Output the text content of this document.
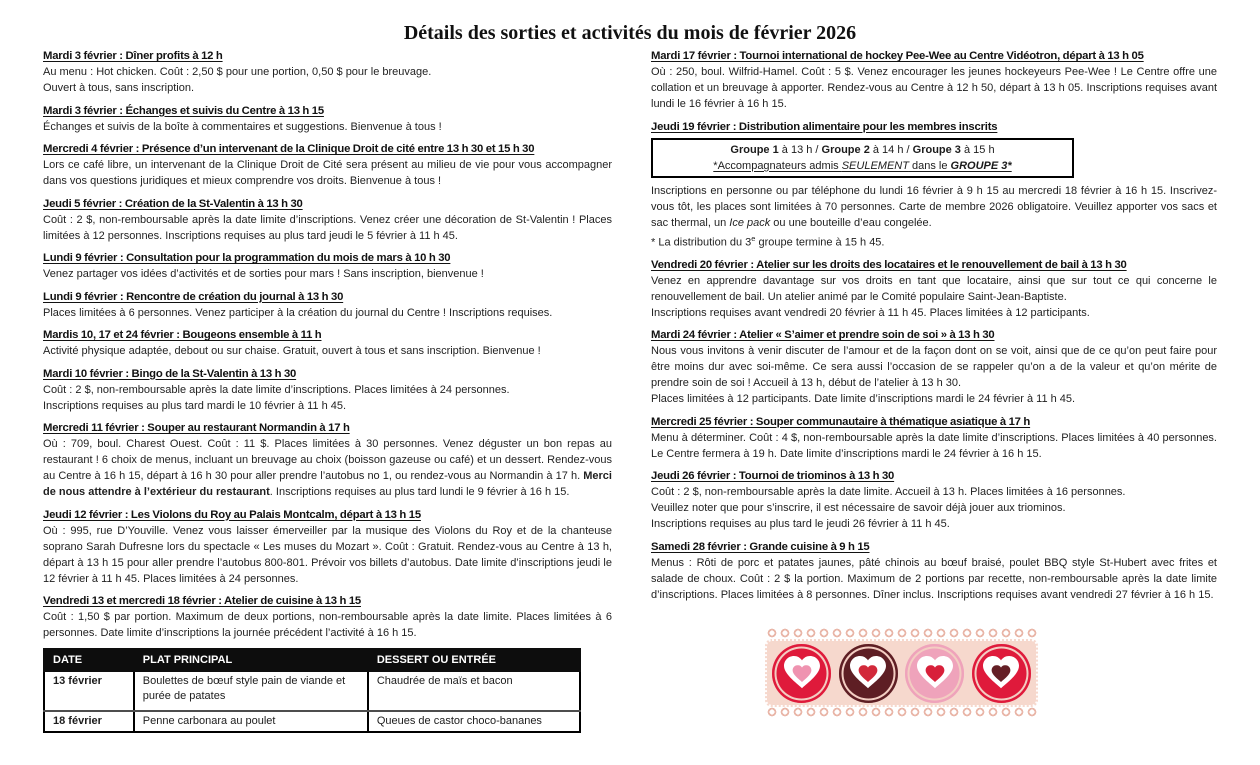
Détails des sorties et activités du mois de février 2026
Mardi 3 février : Dîner profits à 12 h

Au menu : Hot chicken. Coût : 2,50 $ pour une portion, 0,50 $ pour le breuvage.
Ouvert à tous, sans inscription.

Mardi 3 février : Échanges et suivis du Centre à 13 h 15

Échanges et suivis de la boîte à commentaires et suggestions. Bienvenue à tous !

Mercredi 4 février : Présence d’un intervenant de la Clinique Droit de cité entre 13 h 30 et 15 h 30

Lors ce café libre, un intervenant de la Clinique Droit de Cité sera présent au milieu de vie pour vous accompagner dans vos questions juridiques et mieux comprendre vos droits. Bienvenue à tous !

Jeudi 5 février : Création de la St-Valentin à 13 h 30

Coût : 2 $, non-remboursable après la date limite d’inscriptions. Venez créer une décoration de St-Valentin ! Places limitées à 12 personnes. Inscriptions requises au plus tard jeudi le 5 février à 11 h 45.

Lundi 9 février : Consultation pour la programmation du mois de mars à 10 h 30

Venez partager vos idées d’activités et de sorties pour mars ! Sans inscription, bienvenue !

Lundi 9 février : Rencontre de création du journal à 13 h 30

Places limitées à 6 personnes. Venez participer à la création du journal du Centre ! Inscriptions requises.

Mardis 10, 17 et 24 février : Bougeons ensemble à 11 h

Activité physique adaptée, debout ou sur chaise. Gratuit, ouvert à tous et sans inscription. Bienvenue !

Mardi 10 février : Bingo de la St-Valentin à 13 h 30

Coût : 2 $, non-remboursable après la date limite d’inscriptions. Places limitées à 24 personnes.
Inscriptions requises au plus tard mardi le 10 février à 11 h 45.

Mercredi 11 février : Souper au restaurant Normandin à 17 h

Où : 709, boul. Charest Ouest. Coût : 11 $. Places limitées à 30 personnes. Venez déguster un bon repas au restaurant ! 6 choix de menus, incluant un breuvage au choix (boisson gazeuse ou café) et un dessert. Rendez-vous au Centre à 16 h 15, départ à 16 h 30 pour aller prendre l’autobus no 1, ou rendez-vous au Normandin à 17 h. Merci de nous attendre à l’extérieur du restaurant. Inscriptions requises au plus tard lundi le 9 février à 16 h 15.

Jeudi 12 février : Les Violons du Roy au Palais Montcalm, départ à 13 h 15

Où : 995, rue D’Youville. Venez vous laisser émerveiller par la musique des Violons du Roy et de la chanteuse soprano Sarah Dufresne lors du spectacle « Les muses du Mozart ». Coût : Gratuit. Rendez-vous au Centre à 13 h, départ à 13 h 15 pour aller prendre l’autobus 800-801. Prévoir vos billets d’autobus. Date limite d’inscriptions jeudi le 12 février à 11 h 45. Places limitées à 24 personnes.

Vendredi 13 et mercredi 18 février : Atelier de cuisine à 13 h 15

Coût : 1,50 $ par portion. Maximum de deux portions, non-remboursable après la date limite. Places limitées à 6 personnes. Date limite d’inscriptions la journée précédent l’activité à 16 h 15.

DATE	PLAT PRINCIPAL	DESSERT OU ENTRÉE
13 février	Boulettes de bœuf style pain de viande et purée de patates	Chaudrée de maïs et bacon
18 février	Penne carbonara au poulet	Queues de castor choco-bananes
Mardi 17 février : Tournoi international de hockey Pee-Wee au Centre Vidéotron, départ à 13 h 05

Où : 250, boul. Wilfrid-Hamel. Coût : 5 $. Venez encourager les jeunes hockeyeurs Pee-Wee ! Le Centre offre une collation et un breuvage à apporter. Rendez-vous au Centre à 12 h 50, départ à 13 h 05. Inscriptions requises avant lundi le 16 février à 16 h 15.

Jeudi 19 février : Distribution alimentaire pour les membres inscrits
Groupe 1 à 13 h / Groupe 2 à 14 h / Groupe 3 à 15 h
*Accompagnateurs admis SEULEMENT dans le GROUPE 3*

Inscriptions en personne ou par téléphone du lundi 16 février à 9 h 15 au mercredi 18 février à 16 h 15. Inscrivez-vous tôt, les places sont limitées à 70 personnes. Carte de membre 2026 obligatoire. Veuillez apporter vos sacs et sac thermal, un Ice pack ou une bouteille d’eau congelée.
* La distribution du 3e groupe termine à 15 h 45.

Vendredi 20 février : Atelier sur les droits des locataires et le renouvellement de bail à 13 h 30

Venez en apprendre davantage sur vos droits en tant que locataire, ainsi que sur tout ce qui concerne le renouvellement de bail. Un atelier animé par le Comité populaire Saint-Jean-Baptiste.
Inscriptions requises avant vendredi 20 février à 11 h 45. Places limitées à 12 participants.

Mardi 24 février : Atelier « S’aimer et prendre soin de soi » à 13 h 30

Nous vous invitons à venir discuter de l’amour et de la façon dont on se voit, ainsi que de ce qu’on peut faire pour être moins dur avec soi-même. Ce sera aussi l’occasion de se rappeler qu’on a de la valeur et qu’on mérite de prendre soin de soi ! Accueil à 13 h, début de l’atelier à 13 h 30.
Places limitées à 12 participants. Date limite d’inscriptions mardi le 24 février à 11 h 45.

Mercredi 25 février : Souper communautaire à thématique asiatique à 17 h

Menu à déterminer. Coût : 4 $, non-remboursable après la date limite d’inscriptions. Places limitées à 40 personnes. Le Centre fermera à 19 h. Date limite d’inscriptions mardi le 24 février à 16 h 15.

Jeudi 26 février : Tournoi de triominos à 13 h 30

Coût : 2 $, non-remboursable après la date limite. Accueil à 13 h. Places limitées à 16 personnes.
Veuillez noter que pour s’inscrire, il est nécessaire de savoir déjà jouer aux triominos.
Inscriptions requises au plus tard le jeudi 26 février à 11 h 45.

Samedi 28 février : Grande cuisine à 9 h 15

Menus : Rôti de porc et patates jaunes, pâté chinois au bœuf braisé, poulet BBQ style St-Hubert avec frites et salade de choux. Coût : 2 $ la portion. Maximum de 2 portions par recette, non-remboursable après la date limite d’inscriptions. Places limitées à 8 personnes. Dîner inclus. Inscriptions requises avant vendredi 27 février à 16 h 15.
